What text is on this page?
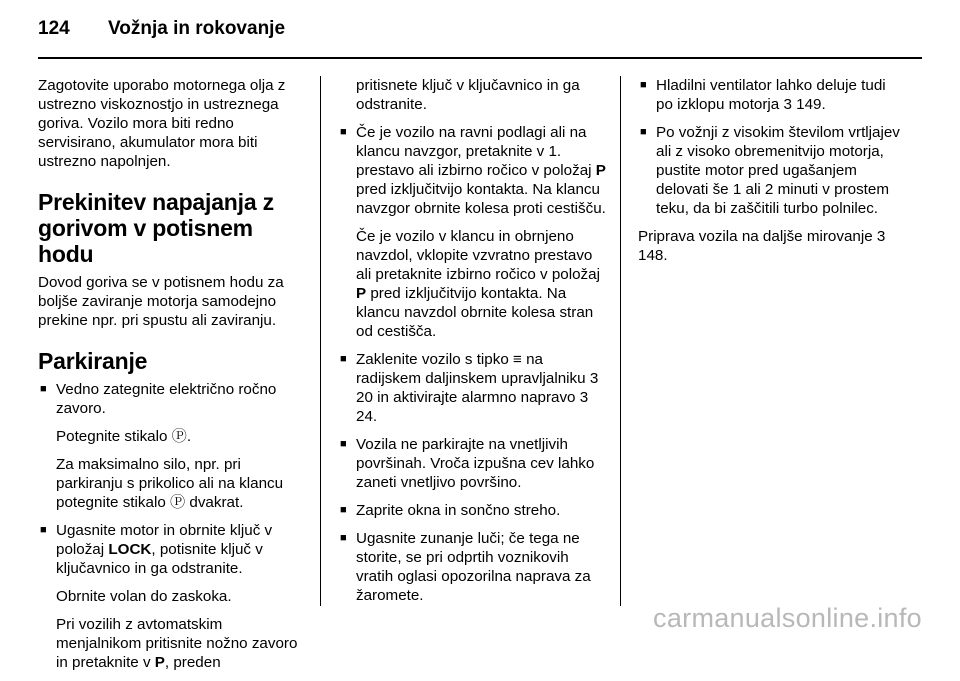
124	Vožnja in rokovanje

Zagotovite uporabo motornega olja z ustrezno viskoznostjo in ustreznega goriva. Vozilo mora biti redno servisirano, akumulator mora biti ustrezno napolnjen.

Prekinitev napajanja z gorivom v potisnem hodu

Dovod goriva se v potisnem hodu za boljše zaviranje motorja samodejno prekine npr. pri spustu ali zaviranju.

Parkiranje
■ Vedno zategnite električno ročno zavoro.
Potegnite stikalo Ⓟ.
Za maksimalno silo, npr. pri parkiranju s prikolico ali na klancu potegnite stikalo Ⓟ dvakrat.
■ Ugasnite motor in obrnite ključ v položaj LOCK, potisnite ključ v ključavnico in ga odstranite.
Obrnite volan do zaskoka.
Pri vozilih z avtomatskim menjalnikom pritisnite nožno zavoro in pretaknite v P, preden
pritisnete ključ v ključavnico in ga odstranite.
■ Če je vozilo na ravni podlagi ali na klancu navzgor, pretaknite v 1. prestavo ali izbirno ročico v položaj P pred izključitvijo kontakta. Na klancu navzgor obrnite kolesa proti cestišču.
Če je vozilo v klancu in obrnjeno navzdol, vklopite vzvratno prestavo ali pretaknite izbirno ročico v položaj P pred izključitvijo kontakta. Na klancu navzdol obrnite kolesa stran od cestišča.
■ Zaklenite vozilo s tipko ≡ na radijskem daljinskem upravljalniku 3 20 in aktivirajte alarmno napravo 3 24.
■ Vozila ne parkirajte na vnetljivih površinah. Vroča izpušna cev lahko zaneti vnetljivo površino.
■ Zaprite okna in sončno streho.
■ Ugasnite zunanje luči; če tega ne storite, se pri odprtih voznikovih vratih oglasi opozorilna naprava za žaromete.
■ Hladilni ventilator lahko deluje tudi po izklopu motorja 3 149.
■ Po vožnji z visokim številom vrtljajev ali z visoko obremenitvijo motorja, pustite motor pred ugašanjem delovati še 1 ali 2 minuti v prostem teku, da bi zaščitili turbo polnilec.

Priprava vozila na daljše mirovanje 3 148.

carmanualsonline.info
